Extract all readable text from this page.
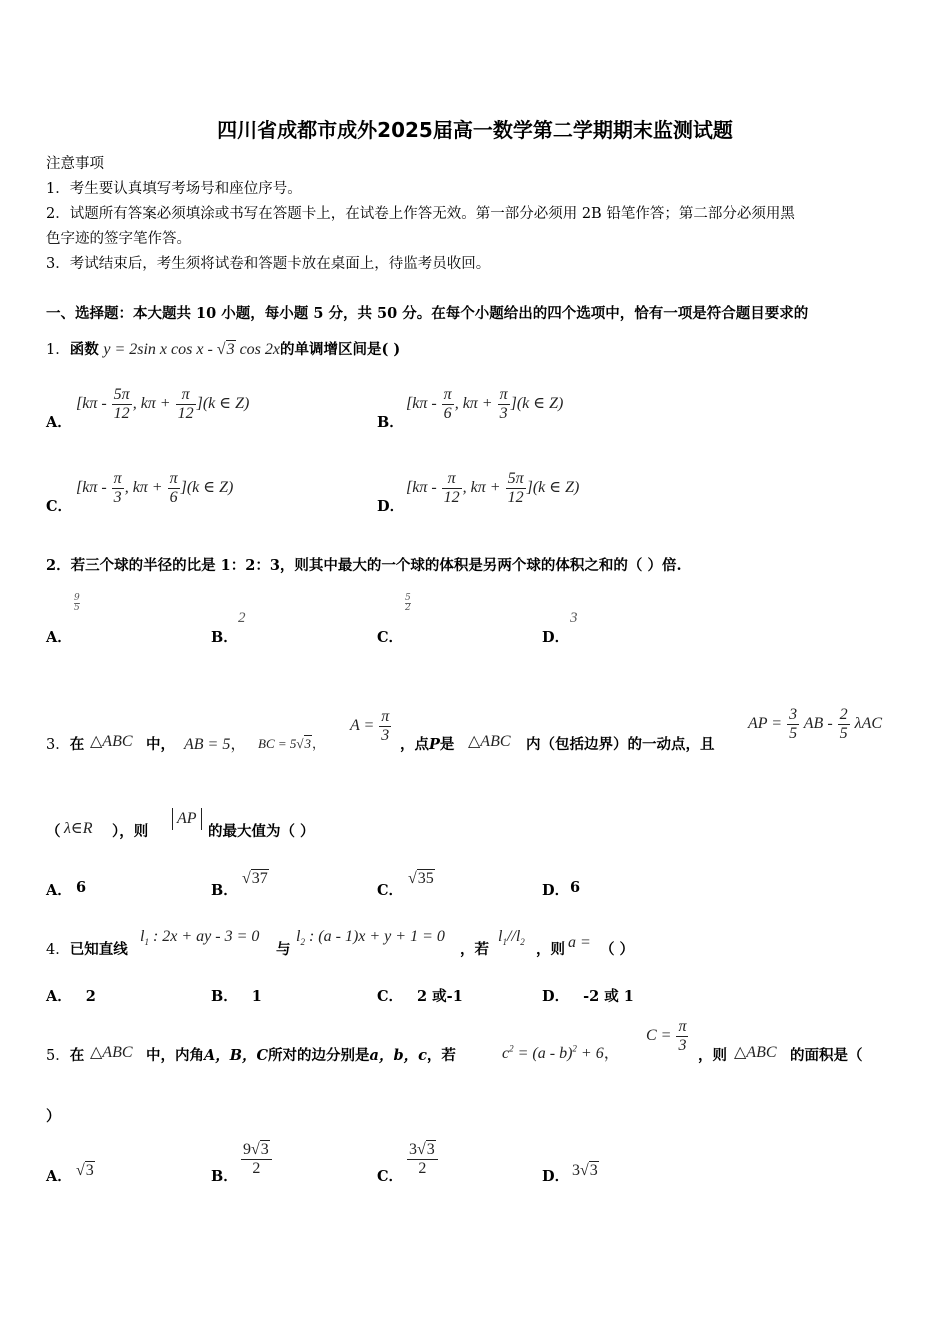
四川省成都市成外2025届高一数学第二学期期末监测试题
注意事项
1．考生要认真填写考场号和座位序号。
2．试题所有答案必须填涂或书写在答题卡上，在试卷上作答无效。第一部分必须用 2B 铅笔作答；第二部分必须用黑
色字迹的签字笔作答。
3．考试结束后，考生须将试卷和答题卡放在桌面上，待监考员收回。
一、选择题：本大题共 10 小题，每小题 5 分，共 50 分。在每个小题给出的四个选项中，恰有一项是符合题目要求的
1．函数 y = 2sin x cos x - √3 cos 2x的单调增区间是( )
A．
[$k\pi - \frac{5\pi}{12}$ , $k\pi + \frac{\pi}{12} ](k$ ∈ Z)
B．
[$k\pi - \frac{\pi}{6}$ , $k\pi + \frac{\pi}{3} ](k$ ∈ Z)
C．
[$k\pi - \frac{\pi}{3}$ , $k\pi + \frac{\pi}{6} ](k$ ∈ Z)
D．
[$k\pi - \frac{\pi}{12}$ , $k\pi + \frac{5\pi}{12} ](k$ ∈ Z)
2．若三个球的半径的比是 1：2：3，则其中最大的一个球的体积是另两个球的体积之和的（ ）倍.
A．
9
5
B．
2
C．
5
2
D．
3
3．在 △ABC 中， AB = 5， BC = 5√3，
$A = \frac{\pi}{3}$ ，点P是 △ABC 内（包括边界）的一动点，且
AP = $\frac{3}{5}$ AB - $\frac{2}{5}$ λAC
（ λ∈R ），则
AP
的最大值为（ ）
A． 6	B．
√37
C．
√35
D． 6
4．已知直线
$l_1$ : 2x + ay - 3 = 0
与
$l_2$ : (a - 1)x + y + 1 = 0
，若
$l_1//l_2$ ，则 a = （ ）
A． 2	B． 1	C． 2 或-1	D． -2 或 1
5．在 △ABC 中，内角A，B，C所对的边分别是a，b，c，若	$c^2 = (a - b)^2 + 6$，
$C = \frac{\pi}{3}$
，则 △ABC 的面积是（
）
A． √3	B． $\frac{9√3}{2}$	C． $\frac{3√3}{2}$	D． 3√3
